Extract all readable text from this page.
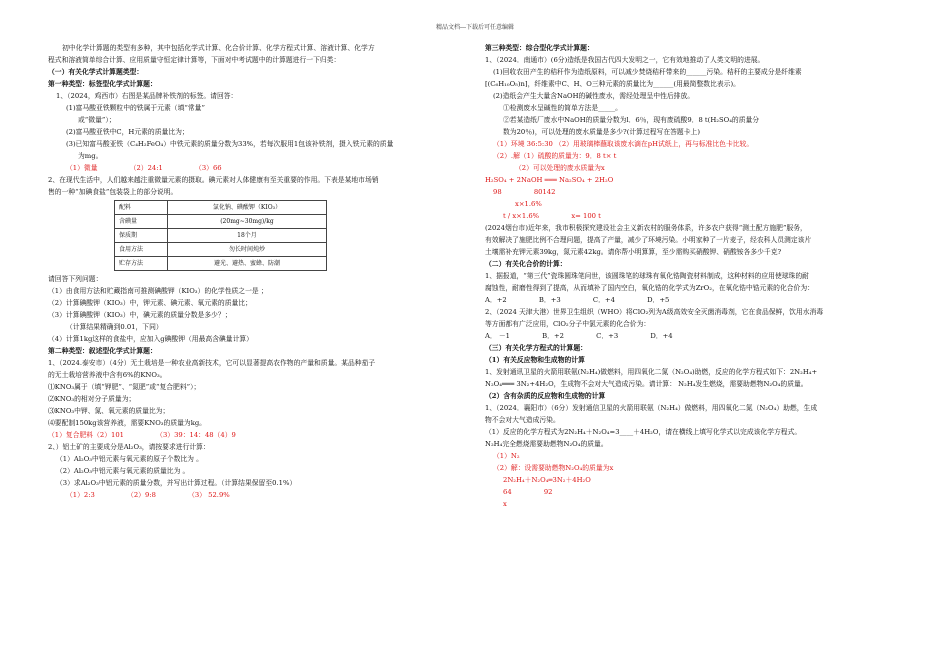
精品文档---下载后可任意编辑

初中化学计算题的类型有多种，其中包括化学式计算、化合价计算、化学方程式计算、溶液计算、化学方

程式和溶液简单综合计算、应用质量守恒定律计算等，下面对中考试题中的计算题进行一下归类：

（一）有关化学式计算题类型：

第一种类型：标签型化学式计算题：

1、（2024，鸡西市）右图是某品牌补铁剂的标签。请回答：

(1)富马酸亚铁颗粒中的铁属于元素（填“常量”

或“微量”）；

(2)富马酸亚铁中C，H元素的质量比为；

(3)已知富马酸亚铁（C₄H₂FeO₄）中铁元素的质量分数为33%，若每次服用1包该补铁剂，摄入铁元素的质量

为mg。

（1）微量	（2）24:1	（3）66

2、在现代生活中，人们越来越注重微量元素的摄取。碘元素对人体健康有至关重要的作用。下表是某地市场销

售的一种“加碘食盐”包装袋上的部分说明。

配料	氯化钠、碘酸钾（KIO₃）
含碘量	(20mg~30mg)/kg
保质期	18个月
食用方法	勿长时间炖炒
贮存方法	避光、避热、蜜蜂、防潮

请回答下列问题：

（1）由食用方法和贮藏指南可推测碘酸钾（KIO₃）的化学性质之一是 ；

（2）计算碘酸钾（KIO₃）中，钾元素、碘元素、氧元素的质量比；

（3）计算碘酸钾（KIO₃）中，碘元素的质量分数是多少？；

（计算结果精确到0.01，下同）

（4）计算1kg这样的食盐中，应加入g碘酸钾（用最高含碘量计算）

第二种类型：叙述型化学式计算题：

1、（2024.泰安市）（4分）无土栽培是一种农业高新技术，它可以显著提高农作物的产量和质量。某品种茄子

的无土栽培营养液中含有6%的KNO₃。

⑴KNO₃属于（填“钾肥”、“氮肥”或“复合肥料”）；

⑵KNO₃的相对分子质量为；

⑶KNO₃中钾、氮、氧元素的质量比为；

⑷要配制150kg该营养液，需要KNO₃的质量为kg。

（1）复合肥料（2）101	（3）39：14：48（4）9

2、）铝土矿的主要成分是Al₂O₃，请按要求进行计算：

（1）Al₂O₃中铝元素与氧元素的原子个数比为 。

（2）Al₂O₃中铝元素与氧元素的质量比为 。

（3）求Al₂O₃中铝元素的质量分数，并写出计算过程。（计算结果保留至0.1%）

（1）2:3	（2）9:8	（3） 52.9%

第三种类型：综合型化学式计算题：

1、（2024．南通市）(6分)造纸是我国古代四大发明之一，它有效地推动了人类文明的进展。

(1)回收农田产生的秸秆作为造纸原料，可以减少焚烧秸秆带来的______污染。秸秆的主要成分是纤维素

[(C₆H₁₀O₅)n]，纤维素中C、H、O三种元素的质量比为______(用最简整数比表示)。

(2)造纸会产生大量含NaOH的碱性废水，需经处理呈中性后排放。

①检测废水呈碱性的简单方法是_____。

②若某造纸厂废水中NaOH的质量分数为l．6％，现有废硫酸9．8 t(H₂SO₄的质量分

数为20％)，可以处理的废水质量是多少?(计算过程写在答题卡上)

（1）环境 36:5:30 （2）用玻璃棒蘸取该废水滴在pH试纸上，再与标准比色卡比较。

（2）.解（1）硫酸的质量为：9．8 t× t

（2）可以处理的废水质量为x

H₂SO₄ + 2NaOH ═══ Na₂SO₄ + 2H₂O

98	80142

x×1.6%

t / x×1.6%	x= 100 t

(2024烟台市)近年来，我市积极探究建设社会主义新农村的服务体系，许多农户获得“测土配方施肥”服务，

有效解决了施肥比例不合理问题，提高了产量，减少了环境污染。小明家种了一片麦子，经农科人员测定该片

土壤需补充钾元素39kg，氮元素42kg。请你帮小明算算，至少需购买硝酸钾、硝酸铵各多少千克?

（二）有关化合价的计算：

1、据报道，“第三代”瓷珠圆珠笔问世，该圆珠笔的球珠有氧化锆陶瓷材料制成，这种材料的应用使球珠的耐

腐蚀性，耐磨性得到了提高，从而填补了国内空白，氧化锆的化学式为ZrO₂，在氧化锆中锆元素的化合价为：

A．+2	B．+3	C．+4	D．+5

2、（2024 天津大港）世界卫生组织（WHO）将ClO₂列为A级高效安全灭菌消毒剂，它在食品保鲜，饮用水消毒

等方面都有广泛应用，ClO₂分子中氯元素的化合价为：

A． －1	B．+2	C．+3	D．+4

（三）有关化学方程式的计算题：

（1）有关反应物和生成物的计算

1、发射通讯卫星的火箭用联氨(N₂H₄)做燃料，用四氧化二氮（N₂O₄)助燃，反应的化学方程式如下：2N₂H₄+

N₂O₄═══ 3N₂+4H₂O，生成物不会对大气造成污染。请计算： N₂H₄发生燃烧，需要助燃物N₂O₄的质量。

（2）含有杂质的反应物和生成物的计算

1、（2024．襄阳市）（6分）发射通信卫星的火箭用联氨（N₂H₄）做燃料，用四氧化二氮（N₂O₄）助燃，生成

物不会对大气造成污染。

（1）反应的化学方程式为2N₂H₄＋N₂O₄=3____＋4H₂O，请在横线上填写化学式以完成该化学方程式。

N₂H₄完全燃烧需要助燃物N₂O₄的质量。

（1）N₂

（2）解：设需要助燃物N₂O₄的质量为x

2N₂H₄＋N₂O₄═3N₂＋4H₂O

64	92

x
